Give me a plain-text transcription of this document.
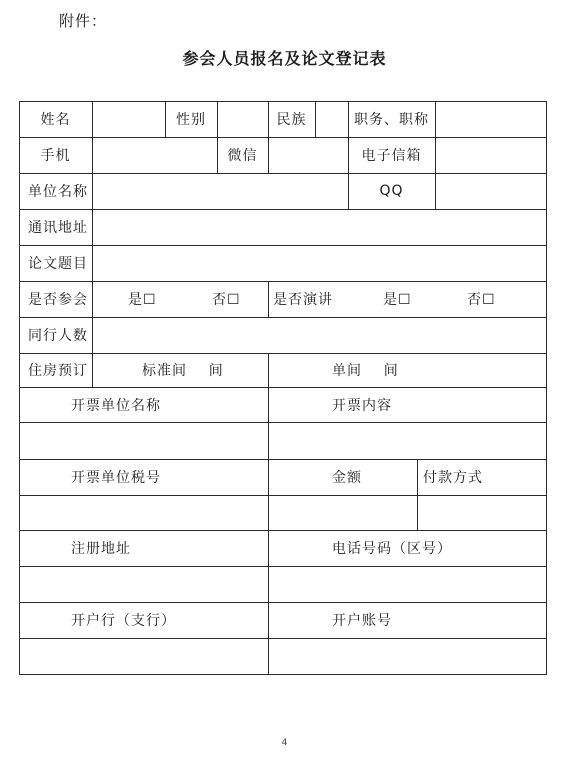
附件：
参会人员报名及论文登记表
姓名	性别	民族	职务、职称
手机	微信	电子信箱
单位名称	QQ
通讯地址
论文题目
是否参会	是☐	否☐	是否演讲	是☐	否☐
同行人数
住房预订	标准间    间	单间    间
开票单位名称	开票内容
开票单位税号	金额	付款方式
注册地址	电话号码（区号）
开户行（支行）	开户账号
4
